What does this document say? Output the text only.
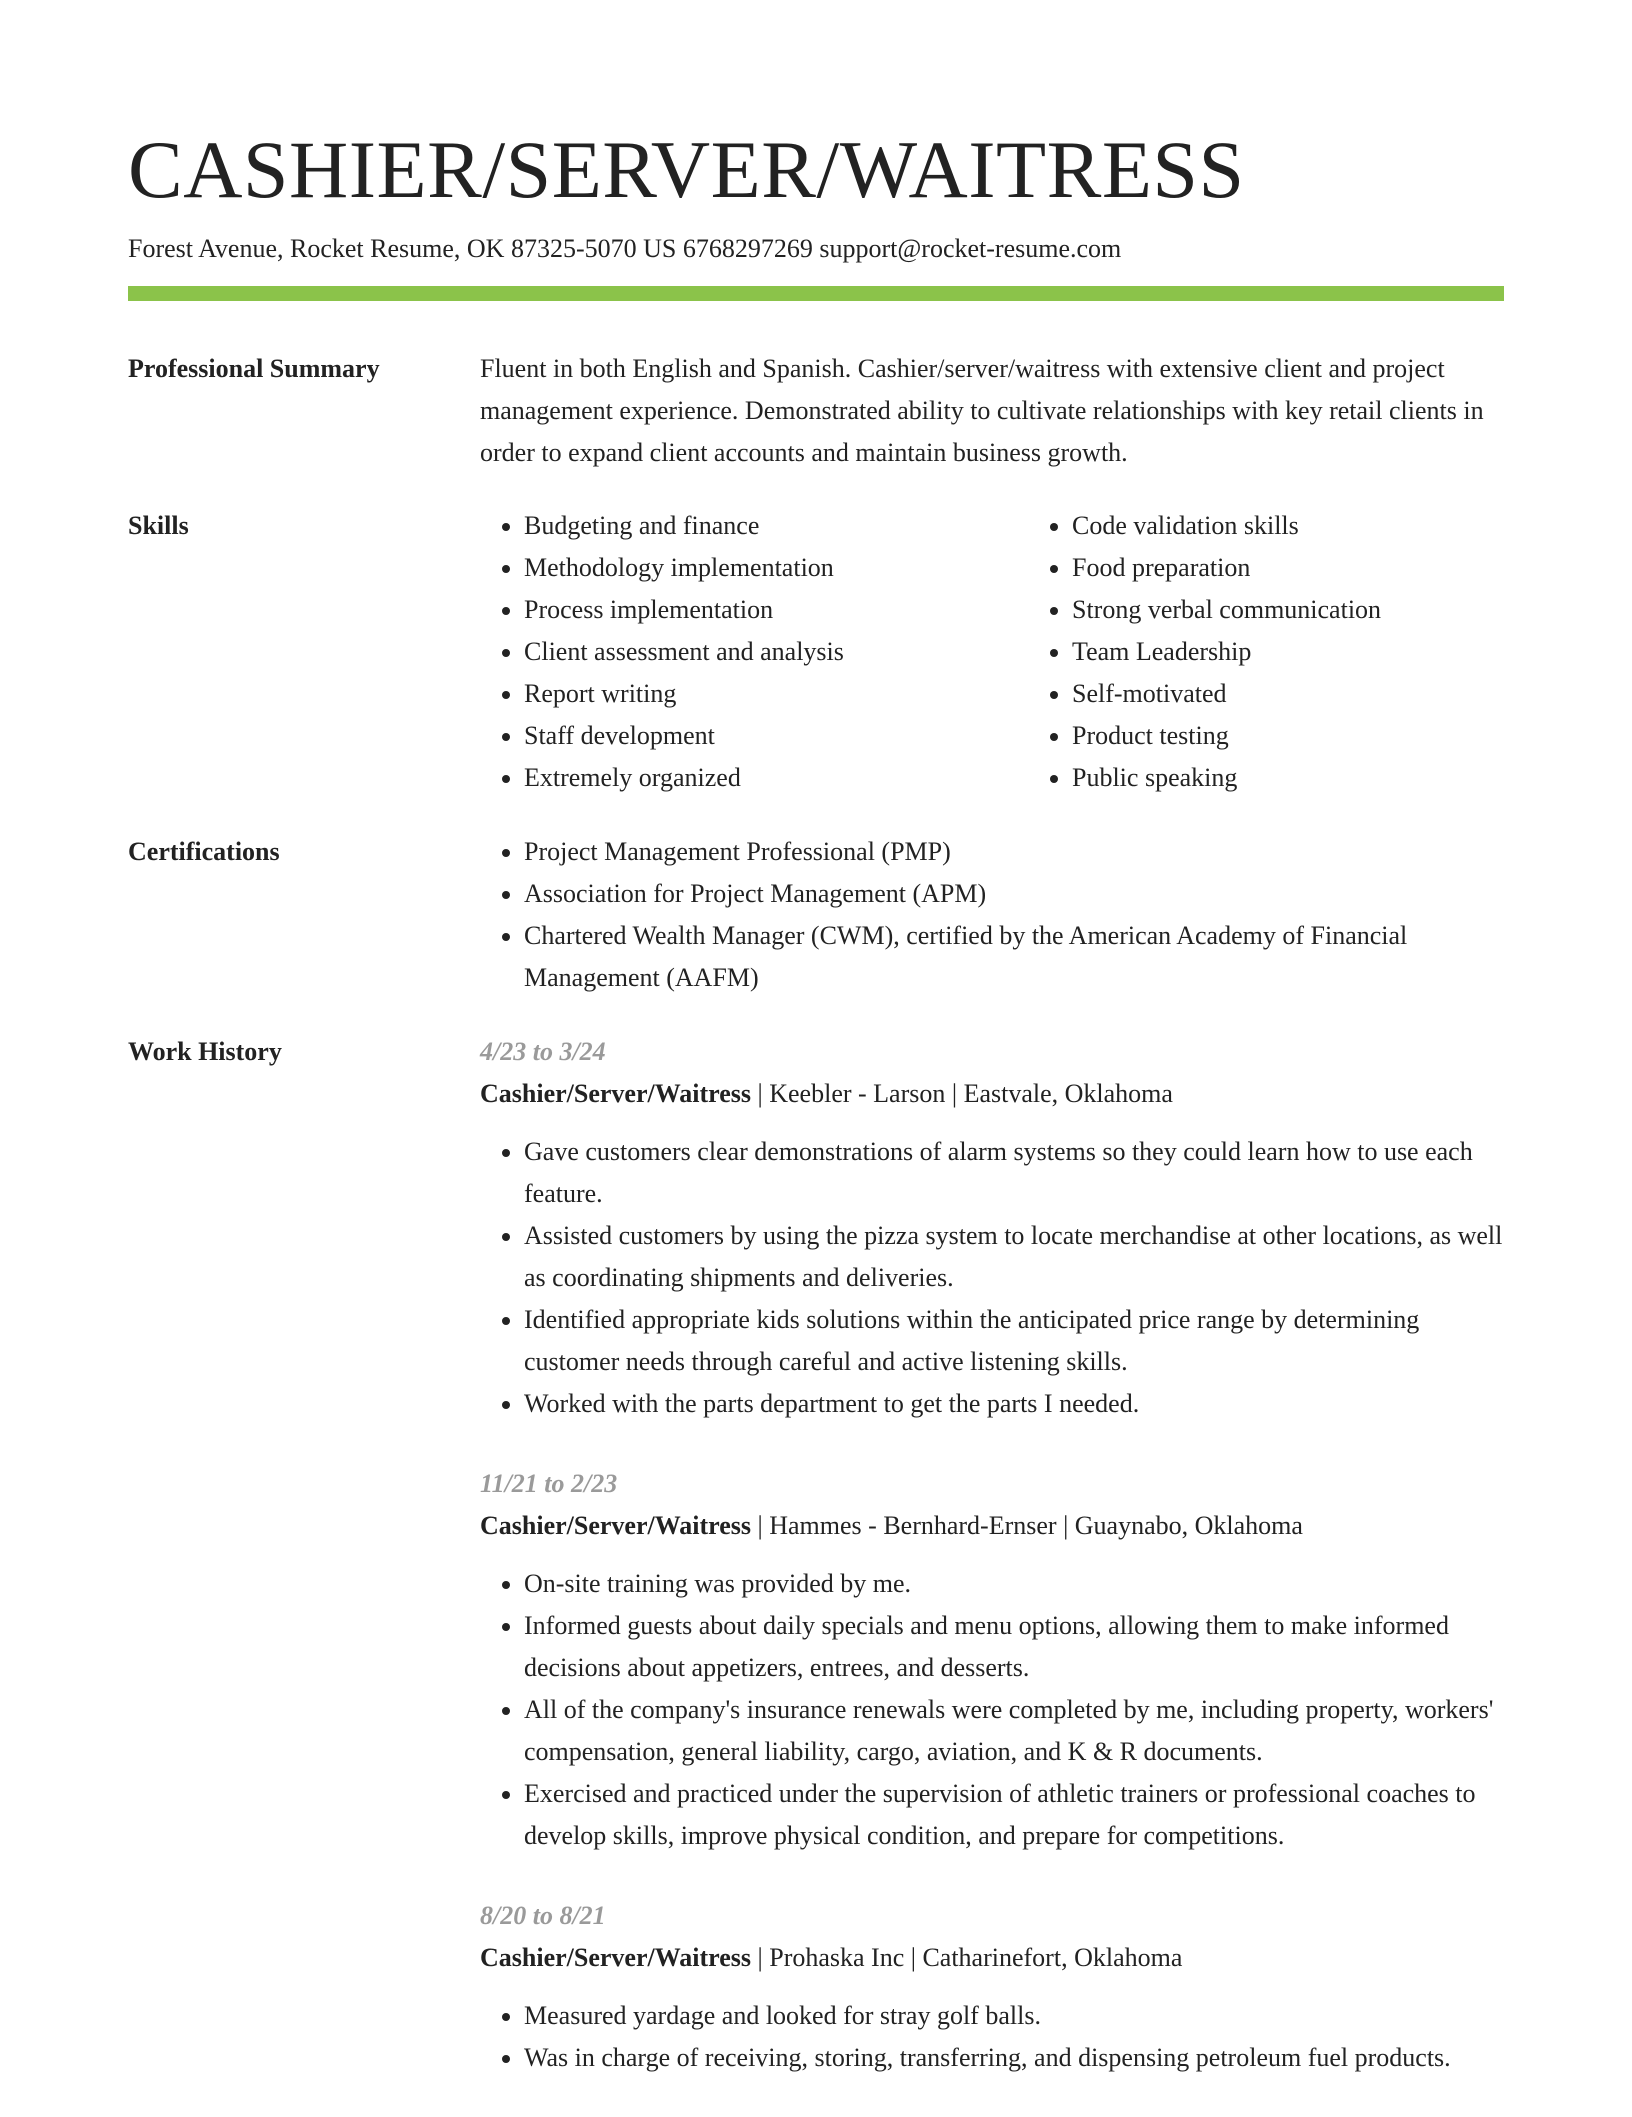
CASHIER/SERVER/WAITRESS
Forest Avenue, Rocket Resume, OK 87325-5070 US 6768297269 support@rocket-resume.com
Professional Summary	Fluent in both English and Spanish. Cashier/server/waitress with extensive client and project management experience. Demonstrated ability to cultivate relationships with key retail clients in order to expand client accounts and maintain business growth.

Skills	• Budgeting and finance
• Methodology implementation
• Process implementation
• Client assessment and analysis
• Report writing
• Staff development
• Extremely organized
• Code validation skills
• Food preparation
• Strong verbal communication
• Team Leadership
• Self-motivated
• Product testing
• Public speaking
Certifications	• Project Management Professional (PMP)
• Association for Project Management (APM)
• Chartered Wealth Manager (CWM), certified by the American Academy of Financial Management (AAFM)
Work History	4/23 to 3/24
Cashier/Server/Waitress | Keebler - Larson | Eastvale, Oklahoma
• Gave customers clear demonstrations of alarm systems so they could learn how to use each feature.
• Assisted customers by using the pizza system to locate merchandise at other locations, as well as coordinating shipments and deliveries.
• Identified appropriate kids solutions within the anticipated price range by determining customer needs through careful and active listening skills.
• Worked with the parts department to get the parts I needed.
11/21 to 2/23
Cashier/Server/Waitress | Hammes - Bernhard-Ernser | Guaynabo, Oklahoma
• On-site training was provided by me.
• Informed guests about daily specials and menu options, allowing them to make informed decisions about appetizers, entrees, and desserts.
• All of the company's insurance renewals were completed by me, including property, workers' compensation, general liability, cargo, aviation, and K & R documents.
• Exercised and practiced under the supervision of athletic trainers or professional coaches to develop skills, improve physical condition, and prepare for competitions.
8/20 to 8/21
Cashier/Server/Waitress | Prohaska Inc | Catharinefort, Oklahoma
• Measured yardage and looked for stray golf balls.
• Was in charge of receiving, storing, transferring, and dispensing petroleum fuel products.
